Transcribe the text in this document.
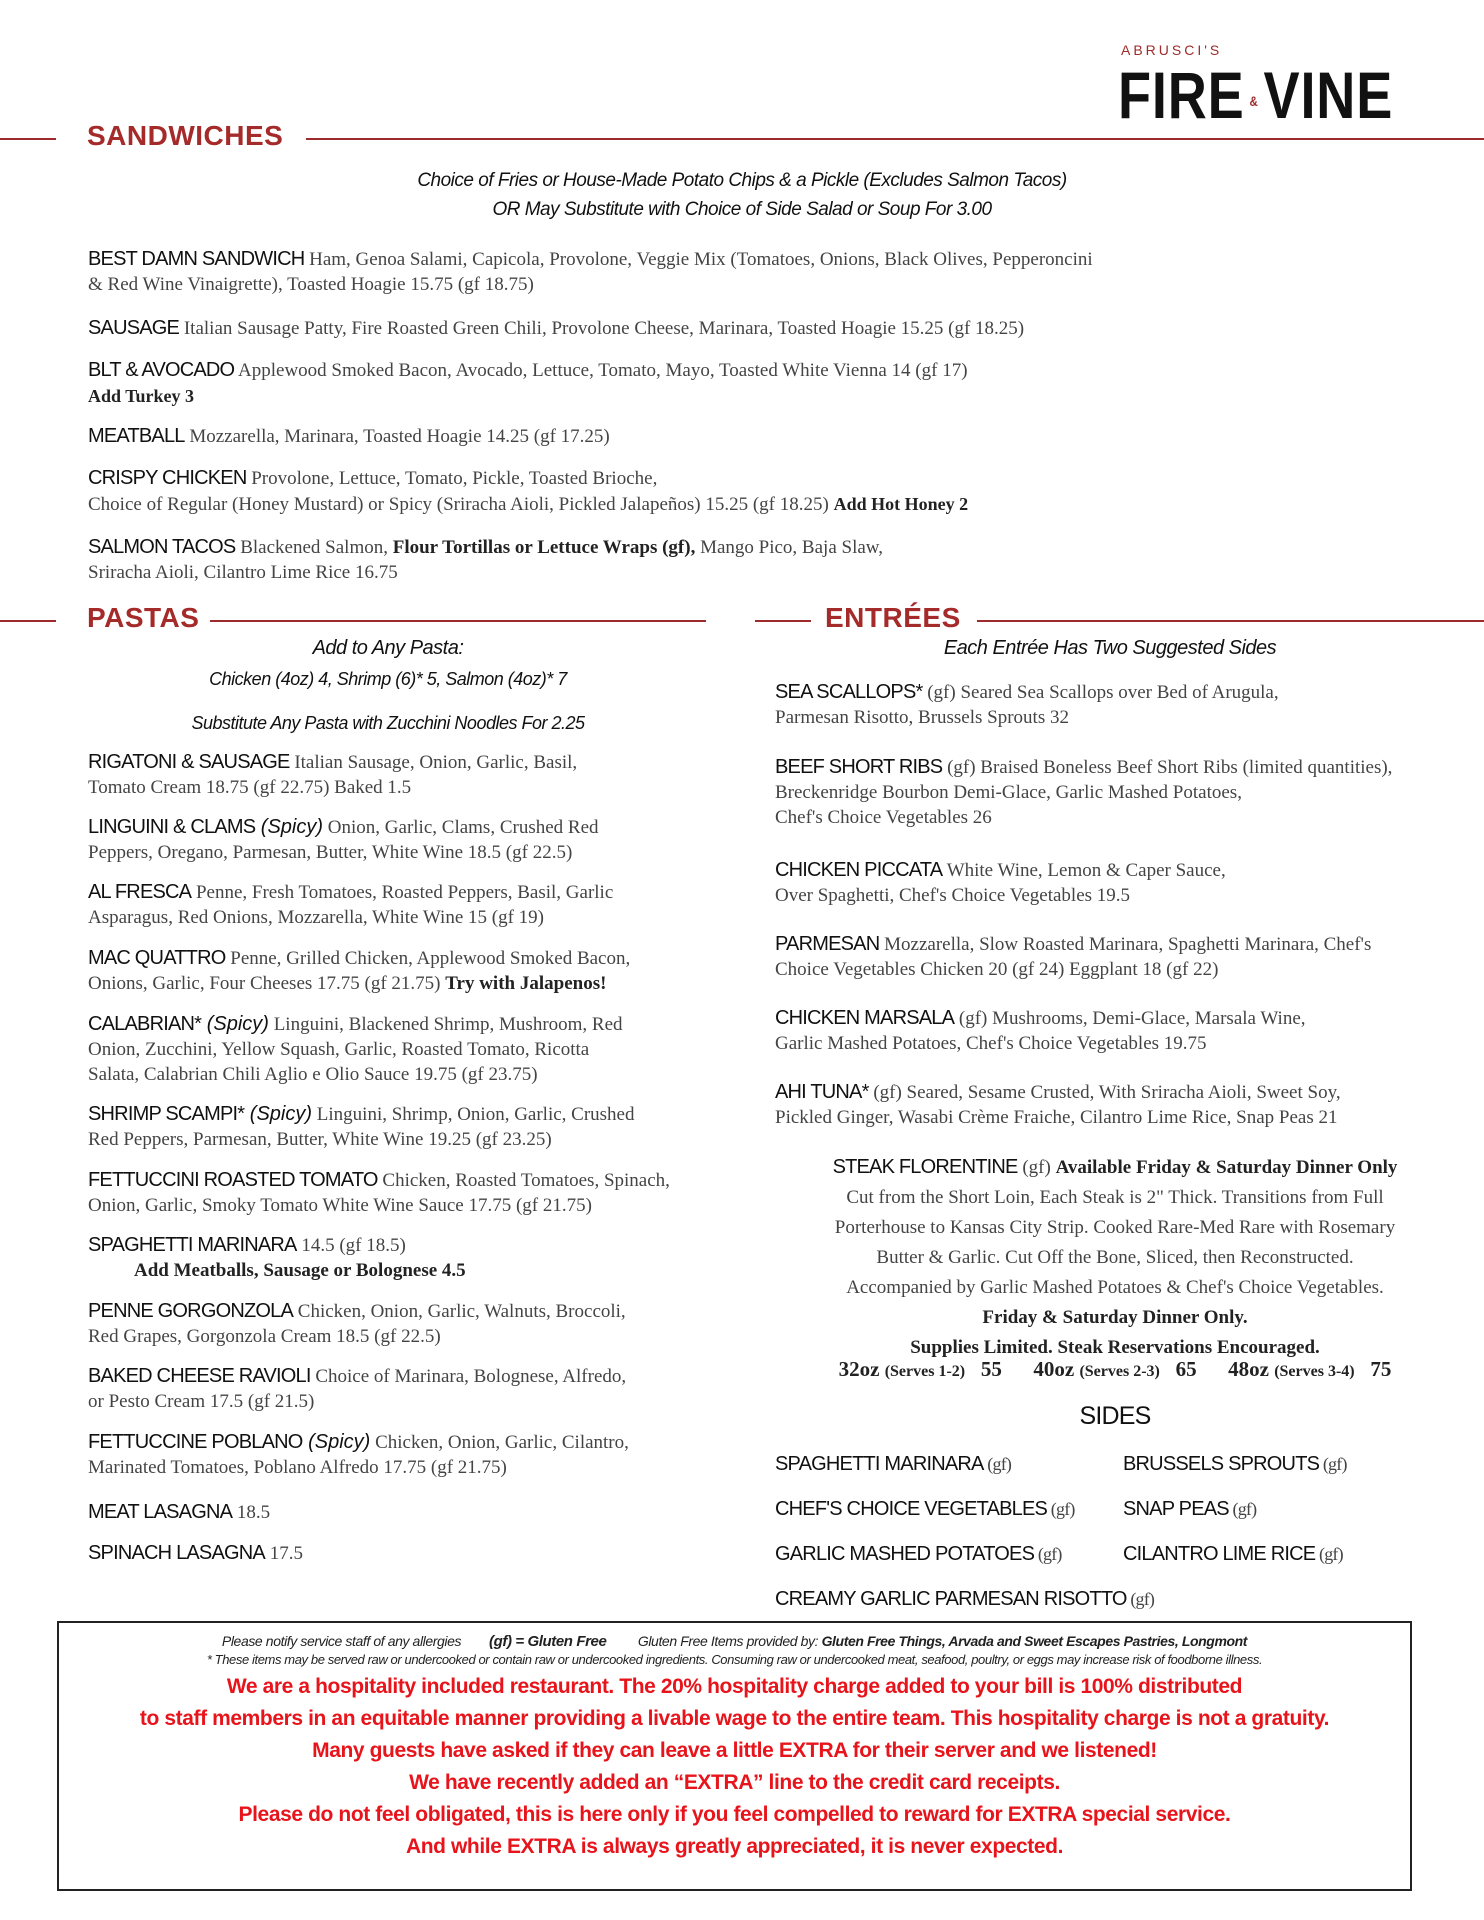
ABRUSCI'S
FIRE &VINE
SANDWICHES
Choice of Fries or House-Made Potato Chips & a Pickle (Excludes Salmon Tacos)
OR May Substitute with Choice of Side Salad or Soup For 3.00
BEST DAMN SANDWICH Ham, Genoa Salami, Capicola, Provolone, Veggie Mix (Tomatoes, Onions, Black Olives, Pepperoncini
& Red Wine Vinaigrette), Toasted Hoagie 15.75 (gf 18.75)
SAUSAGE Italian Sausage Patty, Fire Roasted Green Chili, Provolone Cheese, Marinara, Toasted Hoagie 15.25 (gf 18.25)
BLT & AVOCADO Applewood Smoked Bacon, Avocado, Lettuce, Tomato, Mayo, Toasted White Vienna 14 (gf 17)
Add Turkey 3
MEATBALL Mozzarella, Marinara, Toasted Hoagie 14.25 (gf 17.25)
CRISPY CHICKEN Provolone, Lettuce, Tomato, Pickle, Toasted Brioche,
Choice of Regular (Honey Mustard) or Spicy (Sriracha Aioli, Pickled Jalapeños) 15.25 (gf 18.25) Add Hot Honey 2
SALMON TACOS Blackened Salmon, Flour Tortillas or Lettuce Wraps (gf), Mango Pico, Baja Slaw,
Sriracha Aioli, Cilantro Lime Rice 16.75
PASTAS
Add to Any Pasta:
Chicken (4oz) 4, Shrimp (6)* 5, Salmon (4oz)* 7
Substitute Any Pasta with Zucchini Noodles For 2.25
RIGATONI & SAUSAGE Italian Sausage, Onion, Garlic, Basil,
Tomato Cream 18.75 (gf 22.75) Baked 1.5
LINGUINI & CLAMS (Spicy) Onion, Garlic, Clams, Crushed Red
Peppers, Oregano, Parmesan, Butter, White Wine 18.5 (gf 22.5)
AL FRESCA Penne, Fresh Tomatoes, Roasted Peppers, Basil, Garlic
Asparagus, Red Onions, Mozzarella, White Wine 15 (gf 19)
MAC QUATTRO Penne, Grilled Chicken, Applewood Smoked Bacon,
Onions, Garlic, Four Cheeses 17.75 (gf 21.75) Try with Jalapenos!
CALABRIAN* (Spicy) Linguini, Blackened Shrimp, Mushroom, Red
Onion, Zucchini, Yellow Squash, Garlic, Roasted Tomato, Ricotta
Salata, Calabrian Chili Aglio e Olio Sauce 19.75 (gf 23.75)
SHRIMP SCAMPI* (Spicy) Linguini, Shrimp, Onion, Garlic, Crushed
Red Peppers, Parmesan, Butter, White Wine 19.25 (gf 23.25)
FETTUCCINI ROASTED TOMATO Chicken, Roasted Tomatoes, Spinach,
Onion, Garlic, Smoky Tomato White Wine Sauce 17.75 (gf 21.75)
SPAGHETTI MARINARA 14.5 (gf 18.5)
Add Meatballs, Sausage or Bolognese 4.5
PENNE GORGONZOLA Chicken, Onion, Garlic, Walnuts, Broccoli,
Red Grapes, Gorgonzola Cream 18.5 (gf 22.5)
BAKED CHEESE RAVIOLI Choice of Marinara, Bolognese, Alfredo,
or Pesto Cream 17.5 (gf 21.5)
FETTUCCINE POBLANO (Spicy) Chicken, Onion, Garlic, Cilantro,
Marinated Tomatoes, Poblano Alfredo 17.75 (gf 21.75)
MEAT LASAGNA 18.5
SPINACH LASAGNA 17.5
ENTRÉES
Each Entrée Has Two Suggested Sides
SEA SCALLOPS* (gf) Seared Sea Scallops over Bed of Arugula,
Parmesan Risotto, Brussels Sprouts 32
BEEF SHORT RIBS (gf) Braised Boneless Beef Short Ribs (limited quantities),
Breckenridge Bourbon Demi-Glace, Garlic Mashed Potatoes,
Chef's Choice Vegetables 26
CHICKEN PICCATA White Wine, Lemon & Caper Sauce,
Over Spaghetti, Chef's Choice Vegetables 19.5
PARMESAN Mozzarella, Slow Roasted Marinara, Spaghetti Marinara, Chef's
Choice Vegetables Chicken 20 (gf 24) Eggplant 18 (gf 22)
CHICKEN MARSALA (gf) Mushrooms, Demi-Glace, Marsala Wine,
Garlic Mashed Potatoes, Chef's Choice Vegetables 19.75
AHI TUNA* (gf) Seared, Sesame Crusted, With Sriracha Aioli, Sweet Soy,
Pickled Ginger, Wasabi Crème Fraiche, Cilantro Lime Rice, Snap Peas 21
STEAK FLORENTINE (gf) Available Friday & Saturday Dinner Only
Cut from the Short Loin, Each Steak is 2" Thick. Transitions from Full
Porterhouse to Kansas City Strip. Cooked Rare-Med Rare with Rosemary
Butter & Garlic. Cut Off the Bone, Sliced, then Reconstructed.
Accompanied by Garlic Mashed Potatoes & Chef's Choice Vegetables.
Friday & Saturday Dinner Only.
Supplies Limited. Steak Reservations Encouraged.
32oz (Serves 1-2) 55 40oz (Serves 2-3) 65 48oz (Serves 3-4) 75
SIDES
SPAGHETTI MARINARA (gf)
CHEF'S CHOICE VEGETABLES (gf)
GARLIC MASHED POTATOES (gf)
CREAMY GARLIC PARMESAN RISOTTO (gf)
BRUSSELS SPROUTS (gf)
SNAP PEAS (gf)
CILANTRO LIME RICE (gf)
Please notify service staff of any allergies (gf) = Gluten Free Gluten Free Items provided by: Gluten Free Things, Arvada and Sweet Escapes Pastries, Longmont
* These items may be served raw or undercooked or contain raw or undercooked ingredients. Consuming raw or undercooked meat, seafood, poultry, or eggs may increase risk of foodborne illness.
We are a hospitality included restaurant. The 20% hospitality charge added to your bill is 100% distributed
to staff members in an equitable manner providing a livable wage to the entire team. This hospitality charge is not a gratuity.
Many guests have asked if they can leave a little EXTRA for their server and we listened!
We have recently added an “EXTRA” line to the credit card receipts.
Please do not feel obligated, this is here only if you feel compelled to reward for EXTRA special service.
And while EXTRA is always greatly appreciated, it is never expected.
